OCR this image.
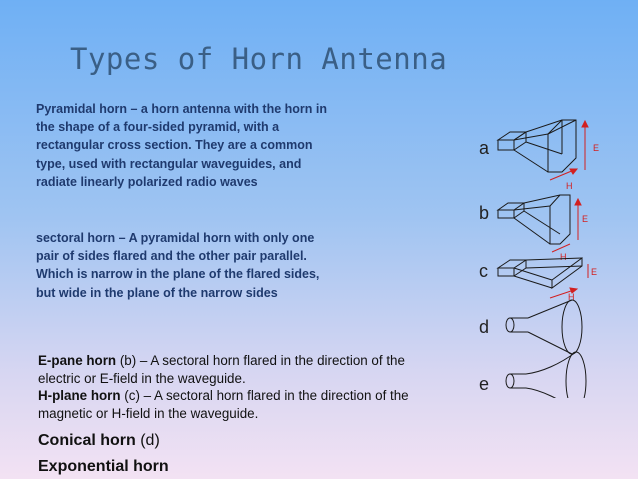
Types of Horn Antenna
Pyramidal horn – a horn antenna with the horn in the shape of a four-sided pyramid, with a rectangular cross section. They are a common type, used with rectangular waveguides, and radiate linearly polarized radio waves
sectoral horn – A pyramidal horn with only one pair of sides flared and the other pair parallel. Which is narrow in the plane of the flared sides, but wide in the plane of the narrow sides
E-pane horn (b) – A sectoral horn flared in the direction of the electric or E-field in the waveguide.
H-plane horn (c) – A sectoral horn flared in the direction of the magnetic or H-field in the waveguide.
Conical horn (d)
Exponential horn
a
b
c
d
e
E
H
E
H
E
H
